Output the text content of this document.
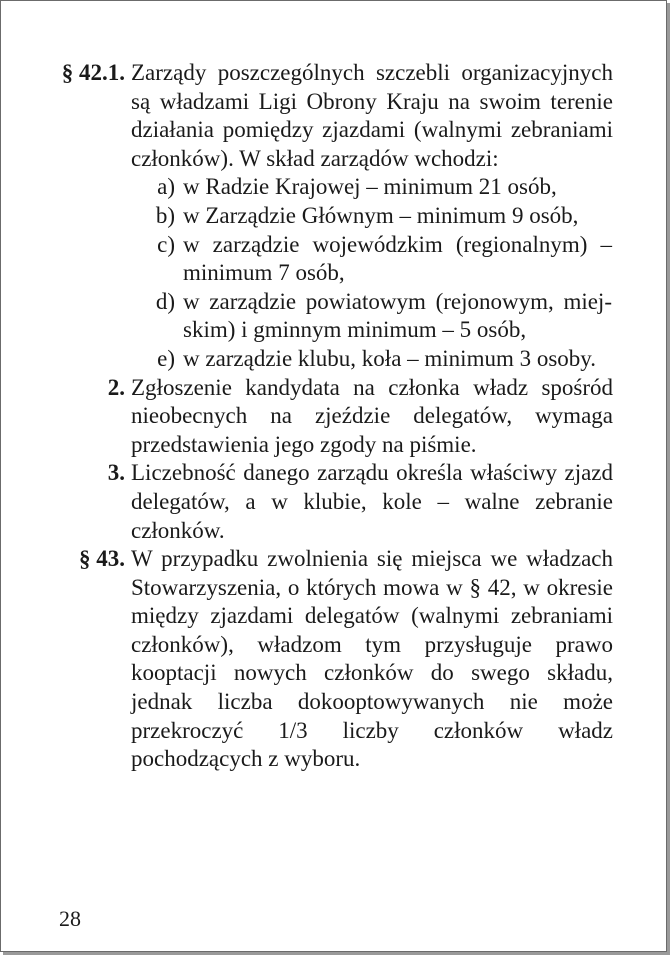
§ 42.1. Zarządy poszczególnych szczebli organizacyjnych są władzami Ligi Obrony Kraju na swoim terenie działania pomiędzy zjazdami (walnymi zebraniami członków). W skład zarządów wchodzi:
a) w Radzie Krajowej – minimum 21 osób,
b) w Zarządzie Głównym – minimum 9 osób,
c) w zarządzie wojewódzkim (regionalnym) – minimum 7 osób,
d) w zarządzie powiatowym (rejonowym, miejskim) i gminnym minimum – 5 osób,
e) w zarządzie klubu, koła – minimum 3 osoby.
2. Zgłoszenie kandydata na członka władz spośród nieobecnych na zjeździe delegatów, wymaga przedstawienia jego zgody na piśmie.
3. Liczebność danego zarządu określa właściwy zjazd delegatów, a w klubie, kole – walne zebranie członków.
§ 43. W przypadku zwolnienia się miejsca we władzach Stowarzyszenia, o których mowa w § 42, w okresie między zjazdami delegatów (walnymi zebraniami członków), władzom tym przysługuje prawo kooptacji nowych członków do swego składu, jednak liczba dokooptowywanych nie może przekroczyć 1/3 liczby członków władz pochodzących z wyboru.
28
